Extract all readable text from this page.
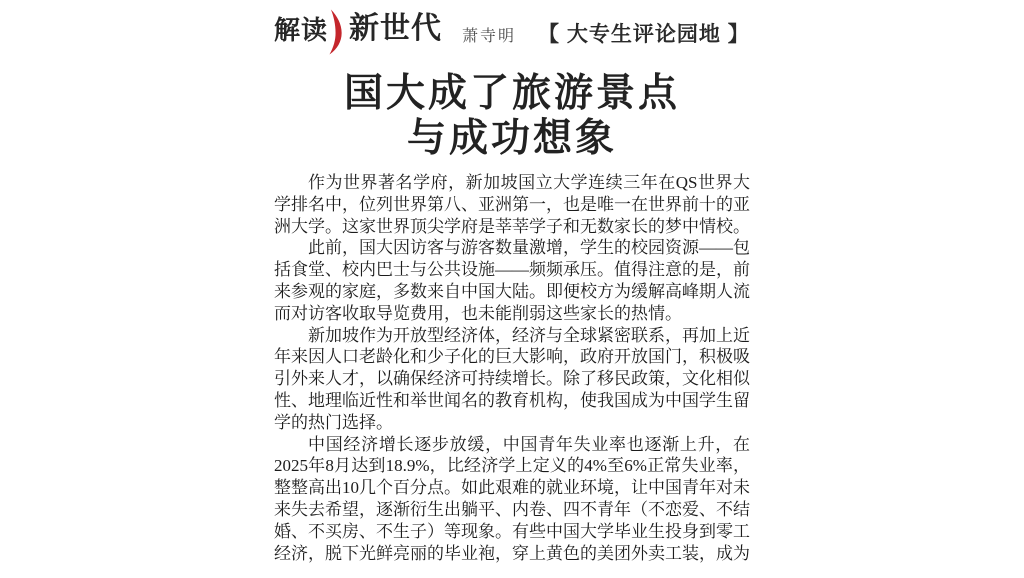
解读 新世代 萧寺明 【 大专生评论园地 】
国大成了旅游景点
与成功想象

作为世界著名学府，新加坡国立大学连续三年在QS世界大学排名中，位列世界第八、亚洲第一，也是唯一在世界前十的亚洲大学。这家世界顶尖学府是莘莘学子和无数家长的梦中情校。

此前，国大因访客与游客数量激增，学生的校园资源——包括食堂、校内巴士与公共设施——频频承压。值得注意的是，前来参观的家庭，多数来自中国大陆。即便校方为缓解高峰期人流而对访客收取导览费用，也未能削弱这些家长的热情。

新加坡作为开放型经济体，经济与全球紧密联系，再加上近年来因人口老龄化和少子化的巨大影响，政府开放国门，积极吸引外来人才，以确保经济可持续增长。除了移民政策，文化相似性、地理临近性和举世闻名的教育机构，使我国成为中国学生留学的热门选择。

中国经济增长逐步放缓，中国青年失业率也逐渐上升，在2025年8月达到18.9%，比经济学上定义的4%至6%正常失业率，整整高出10几个百分点。如此艰难的就业环境，让中国青年对未来失去希望，逐渐衍生出躺平、内卷、四不青年（不恋爱、不结婚、不买房、不生子）等现象。有些中国大学毕业生投身到零工经济，脱下光鲜亮丽的毕业袍，穿上黄色的美团外卖工装，成为
